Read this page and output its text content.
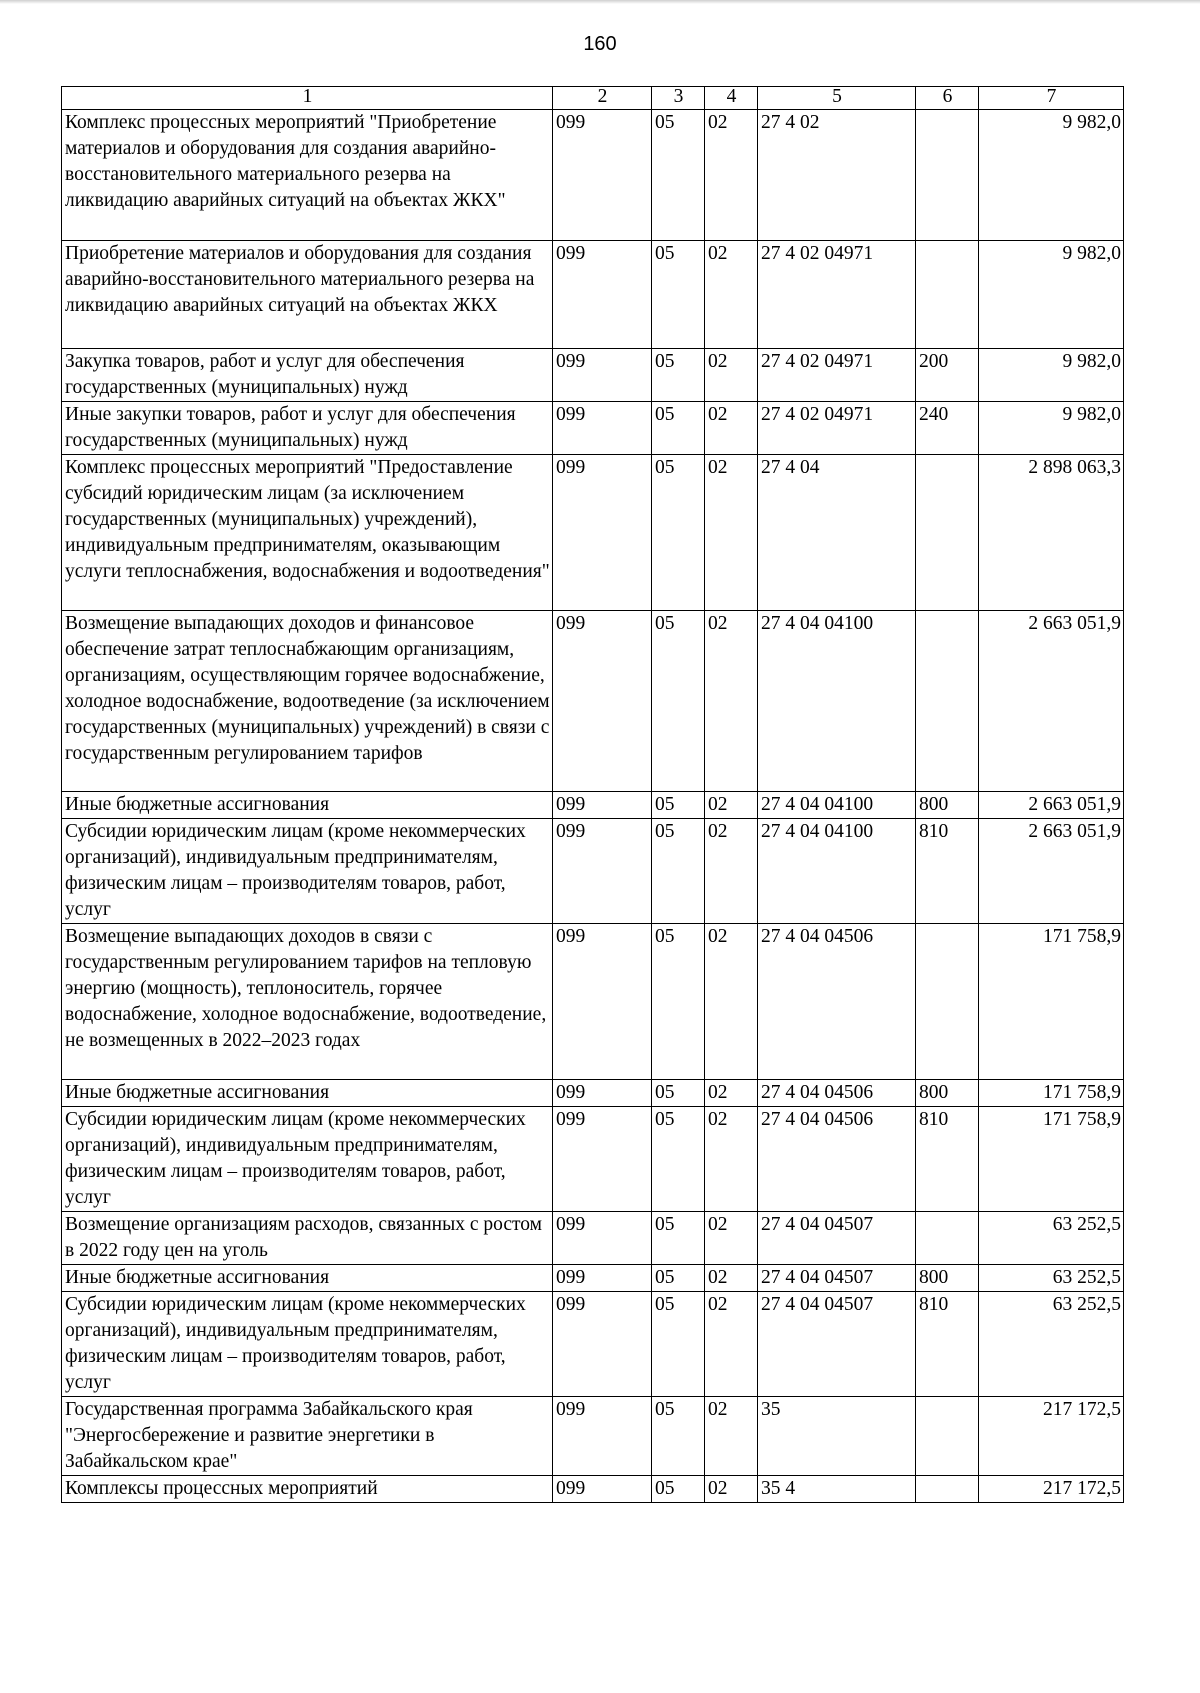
160
1	2	3	4	5	6	7
Комплекс процессных мероприятий "Приобретение материалов и оборудования для создания аварийно-восстановительного материального резерва на ликвидацию аварийных ситуаций на объектах ЖКХ"	099	05	02	27 4 02		9 982,0
Приобретение материалов и оборудования для создания аварийно-восстановительного материального резерва на ликвидацию аварийных ситуаций на объектах ЖКХ	099	05	02	27 4 02 04971		9 982,0
Закупка товаров, работ и услуг для обеспечения государственных (муниципальных) нужд	099	05	02	27 4 02 04971	200	9 982,0
Иные закупки товаров, работ и услуг для обеспечения государственных (муниципальных) нужд	099	05	02	27 4 02 04971	240	9 982,0
Комплекс процессных мероприятий "Предоставление субсидий юридическим лицам (за исключением государственных (муниципальных) учреждений), индивидуальным предпринимателям, оказывающим услуги теплоснабжения, водоснабжения и водоотведения"	099	05	02	27 4 04		2 898 063,3
Возмещение выпадающих доходов и финансовое обеспечение затрат теплоснабжающим организациям, организациям, осуществляющим горячее водоснабжение, холодное водоснабжение, водоотведение (за исключением государственных (муниципальных) учреждений) в связи с государственным регулированием тарифов	099	05	02	27 4 04 04100		2 663 051,9
Иные бюджетные ассигнования	099	05	02	27 4 04 04100	800	2 663 051,9
Субсидии юридическим лицам (кроме некоммерческих организаций), индивидуальным предпринимателям, физическим лицам – производителям товаров, работ, услуг	099	05	02	27 4 04 04100	810	2 663 051,9
Возмещение выпадающих доходов в связи с государственным регулированием тарифов на тепловую энергию (мощность), теплоноситель, горячее водоснабжение, холодное водоснабжение, водоотведение, не возмещенных в 2022–2023 годах	099	05	02	27 4 04 04506		171 758,9
Иные бюджетные ассигнования	099	05	02	27 4 04 04506	800	171 758,9
Субсидии юридическим лицам (кроме некоммерческих организаций), индивидуальным предпринимателям, физическим лицам – производителям товаров, работ, услуг	099	05	02	27 4 04 04506	810	171 758,9
Возмещение организациям расходов, связанных с ростом в 2022 году цен на уголь	099	05	02	27 4 04 04507		63 252,5
Иные бюджетные ассигнования	099	05	02	27 4 04 04507	800	63 252,5
Субсидии юридическим лицам (кроме некоммерческих организаций), индивидуальным предпринимателям, физическим лицам – производителям товаров, работ, услуг	099	05	02	27 4 04 04507	810	63 252,5
Государственная программа Забайкальского края "Энергосбережение и развитие энергетики в Забайкальском крае"	099	05	02	35		217 172,5
Комплексы процессных мероприятий	099	05	02	35 4		217 172,5
